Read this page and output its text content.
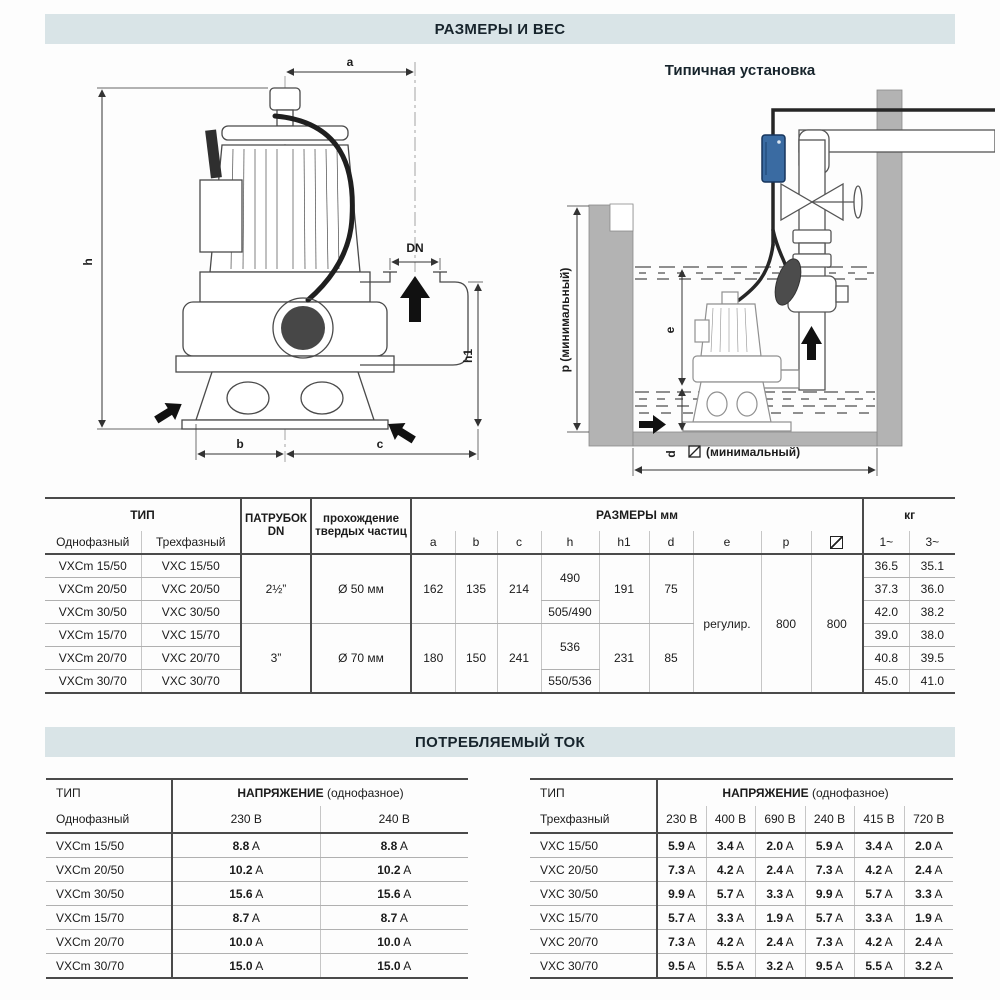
РАЗМЕРЫ И ВЕС
a
h
DN
h1
b	c
Типичная установка
p (минимальный)	e
d (минимальный)
ТИП	ПАТРУБОК
DN

прохождение
твердых частиц
	РАЗМЕРЫ мм	кг
Однофазный	Трехфазный			a	b	c	h	h1	d	e	p		1~	3~
VXCm 15/50	VXC 15/50	2½”	Ø 50 мм	162	135	214	490	191	75	регулир.	800	800	36.5	35.1
VXCm 20/50	VXC 20/50												37.3	36.0
VXCm 30/50	VXC 30/50						505/490						42.0	38.2
VXCm 15/70	VXC 15/70	3”	Ø 70 мм	180	150	241	536	231	85				39.0	38.0
VXCm 20/70	VXC 20/70												40.8	39.5
VXCm 30/70	VXC 30/70						550/536						45.0	41.0
ПОТРЕБЛЯЕМЫЙ ТОК
ТИП	НАПРЯЖЕНИЕ (однофазное)	
Однофазный	230 В	240 В
VXCm 15/50	8.8 A	8.8 A
VXCm 20/50	10.2 A	10.2 A
VXCm 30/50	15.6 A	15.6 A
VXCm 15/70	8.7 A	8.7 A
VXCm 20/70	10.0 A	10.0 A
VXCm 30/70	15.0 A	15.0 A
ТИП	НАПРЯЖЕНИЕ (однофазное)					
Трехфазный	230 В	400 В	690 В	240 В	415 В	720 В
VXC 15/50	5.9 A	3.4 A	2.0 A	5.9 A	3.4 A	2.0 A
VXC 20/50	7.3 A	4.2 A	2.4 A	7.3 A	4.2 A	2.4 A
VXC 30/50	9.9 A	5.7 A	3.3 A	9.9 A	5.7 A	3.3 A
VXC 15/70	5.7 A	3.3 A	1.9 A	5.7 A	3.3 A	1.9 A
VXC 20/70	7.3 A	4.2 A	2.4 A	7.3 A	4.2 A	2.4 A
VXC 30/70	9.5 A	5.5 A	3.2 A	9.5 A	5.5 A	3.2 A
